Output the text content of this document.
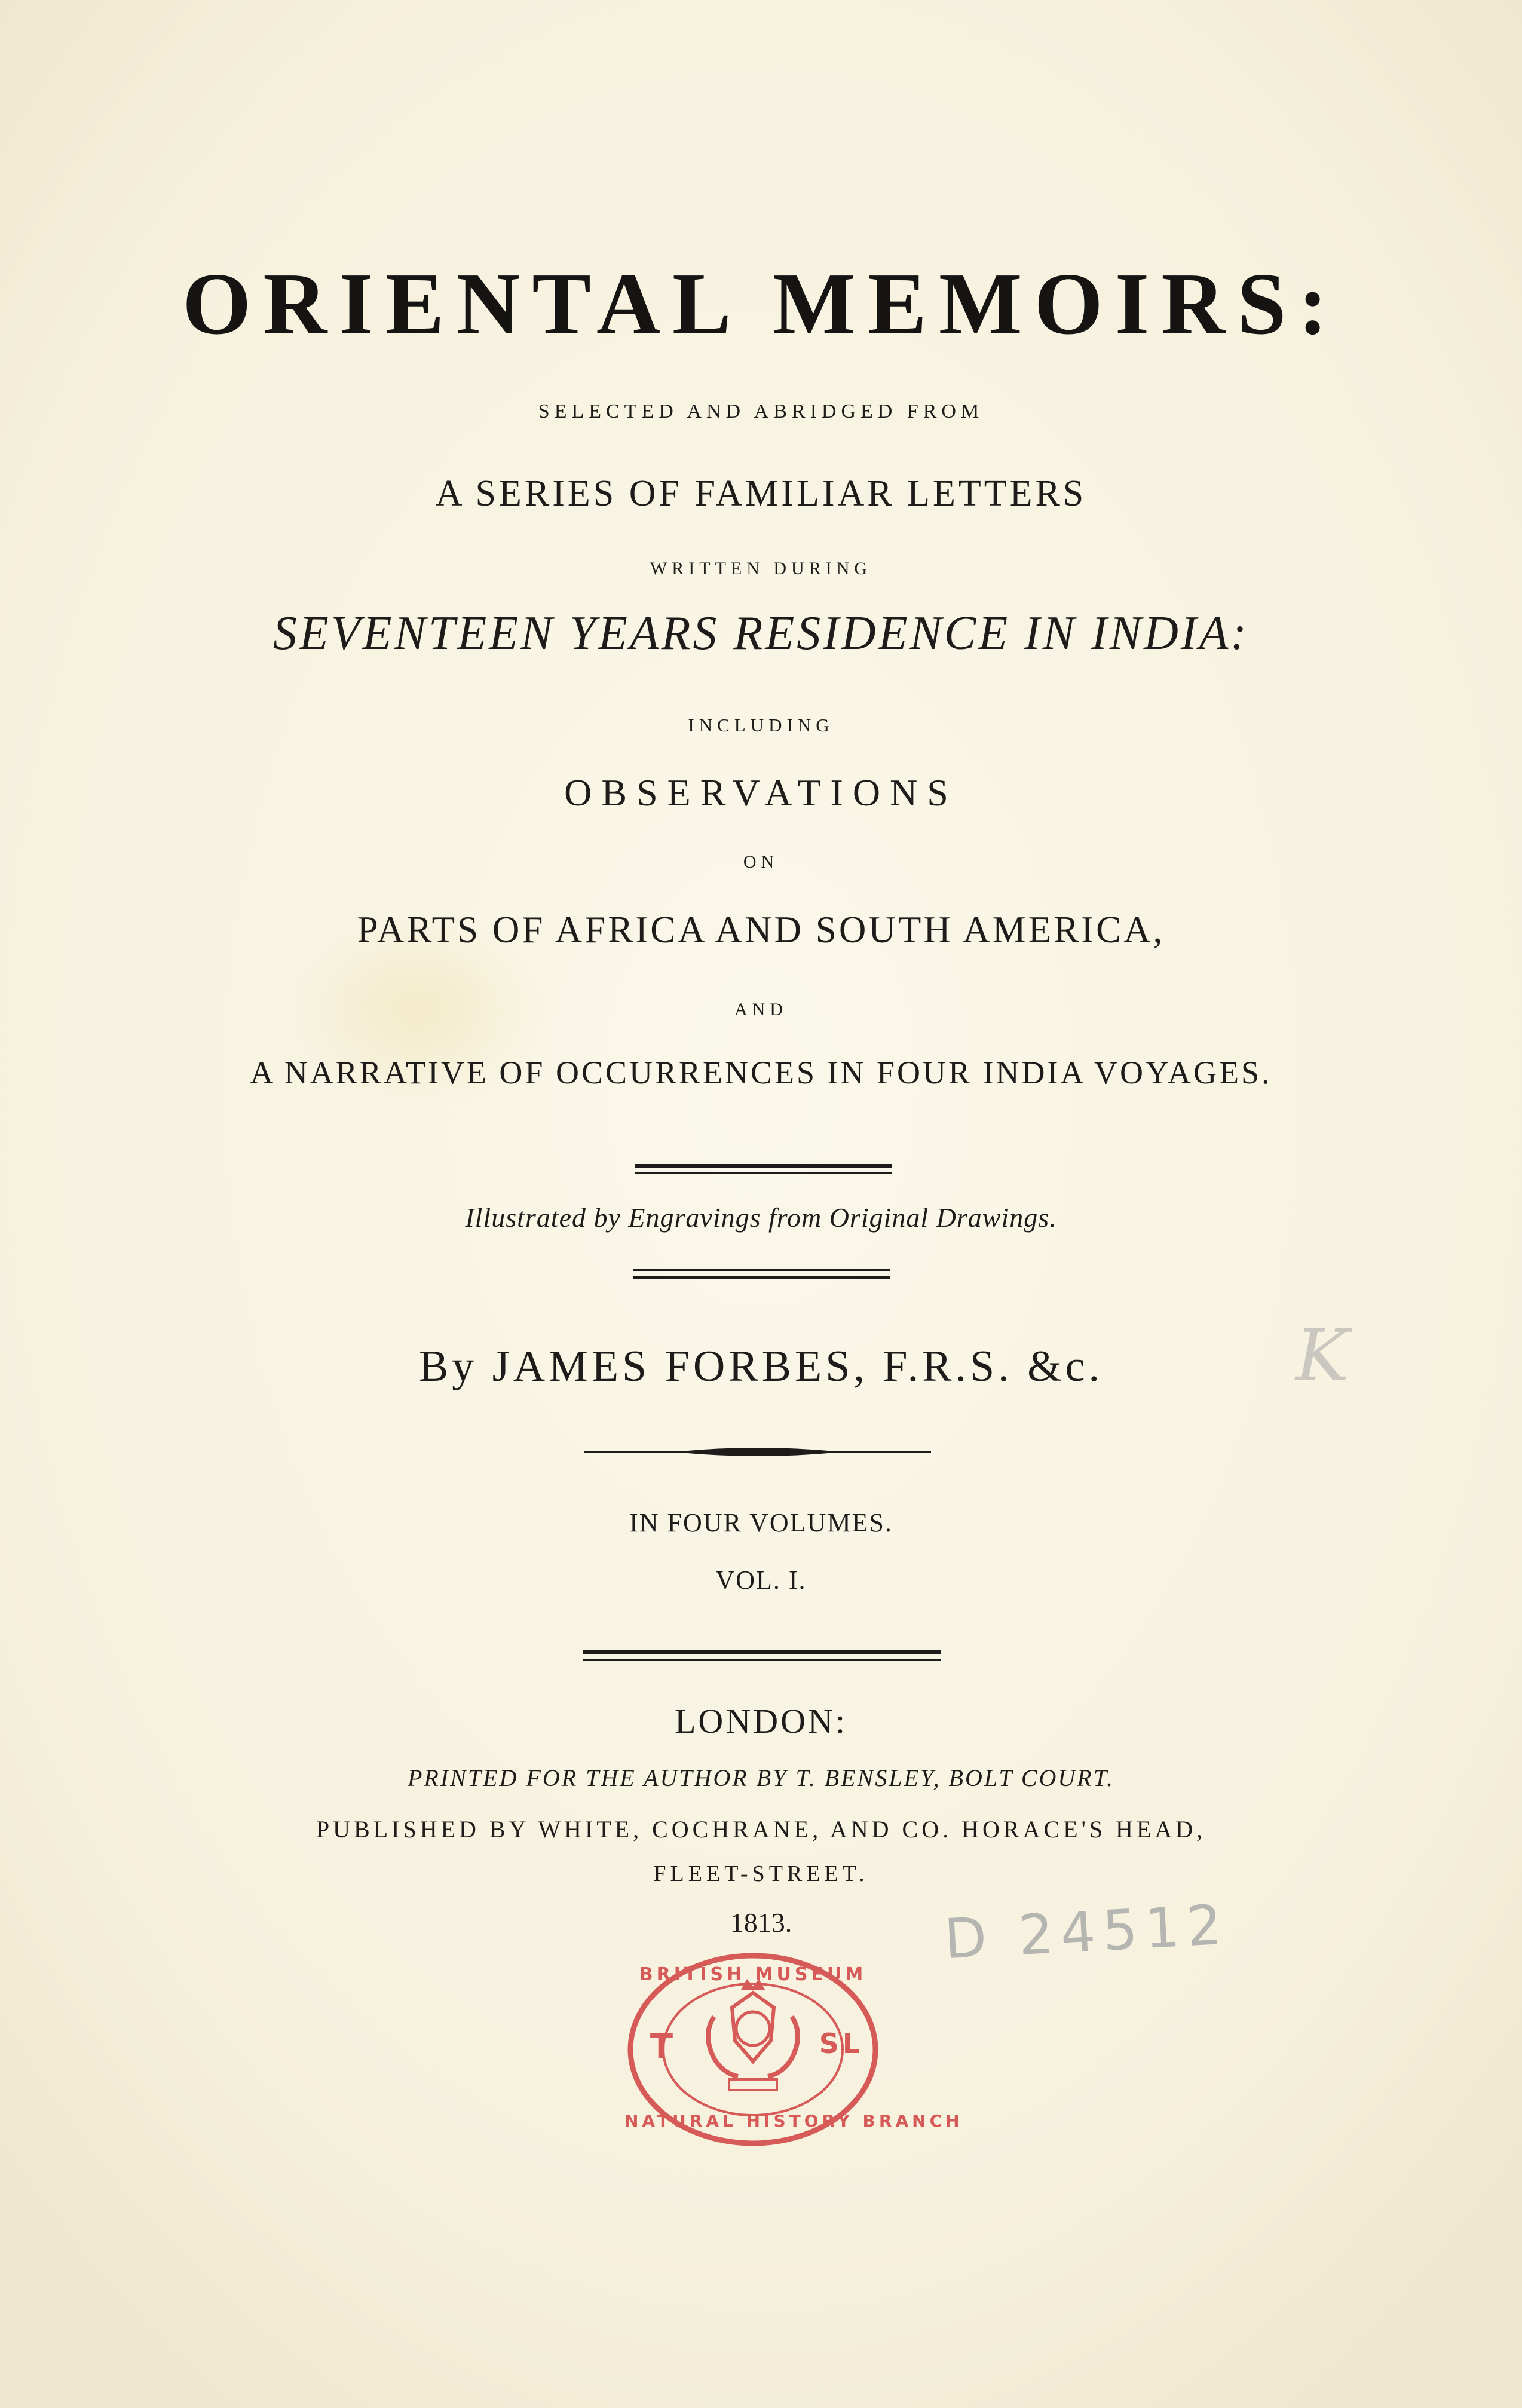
ORIENTAL MEMOIRS:
SELECTED AND ABRIDGED FROM
A SERIES OF FAMILIAR LETTERS
WRITTEN DURING
SEVENTEEN YEARS RESIDENCE IN INDIA:
INCLUDING
OBSERVATIONS
ON
PARTS OF AFRICA AND SOUTH AMERICA,
AND
A NARRATIVE OF OCCURRENCES IN FOUR INDIA VOYAGES.
Illustrated by Engravings from Original Drawings.
By JAMES FORBES, F.R.S. &c.
IN FOUR VOLUMES.
VOL. I.
LONDON:
PRINTED FOR THE AUTHOR BY T. BENSLEY, BOLT COURT.
PUBLISHED BY WHITE, COCHRANE, AND CO. HORACE'S HEAD,
FLEET-STREET.
1813.	D 24512
K
BRITISH MUSEUM
NATURAL HISTORY BRANCH
T	SL
